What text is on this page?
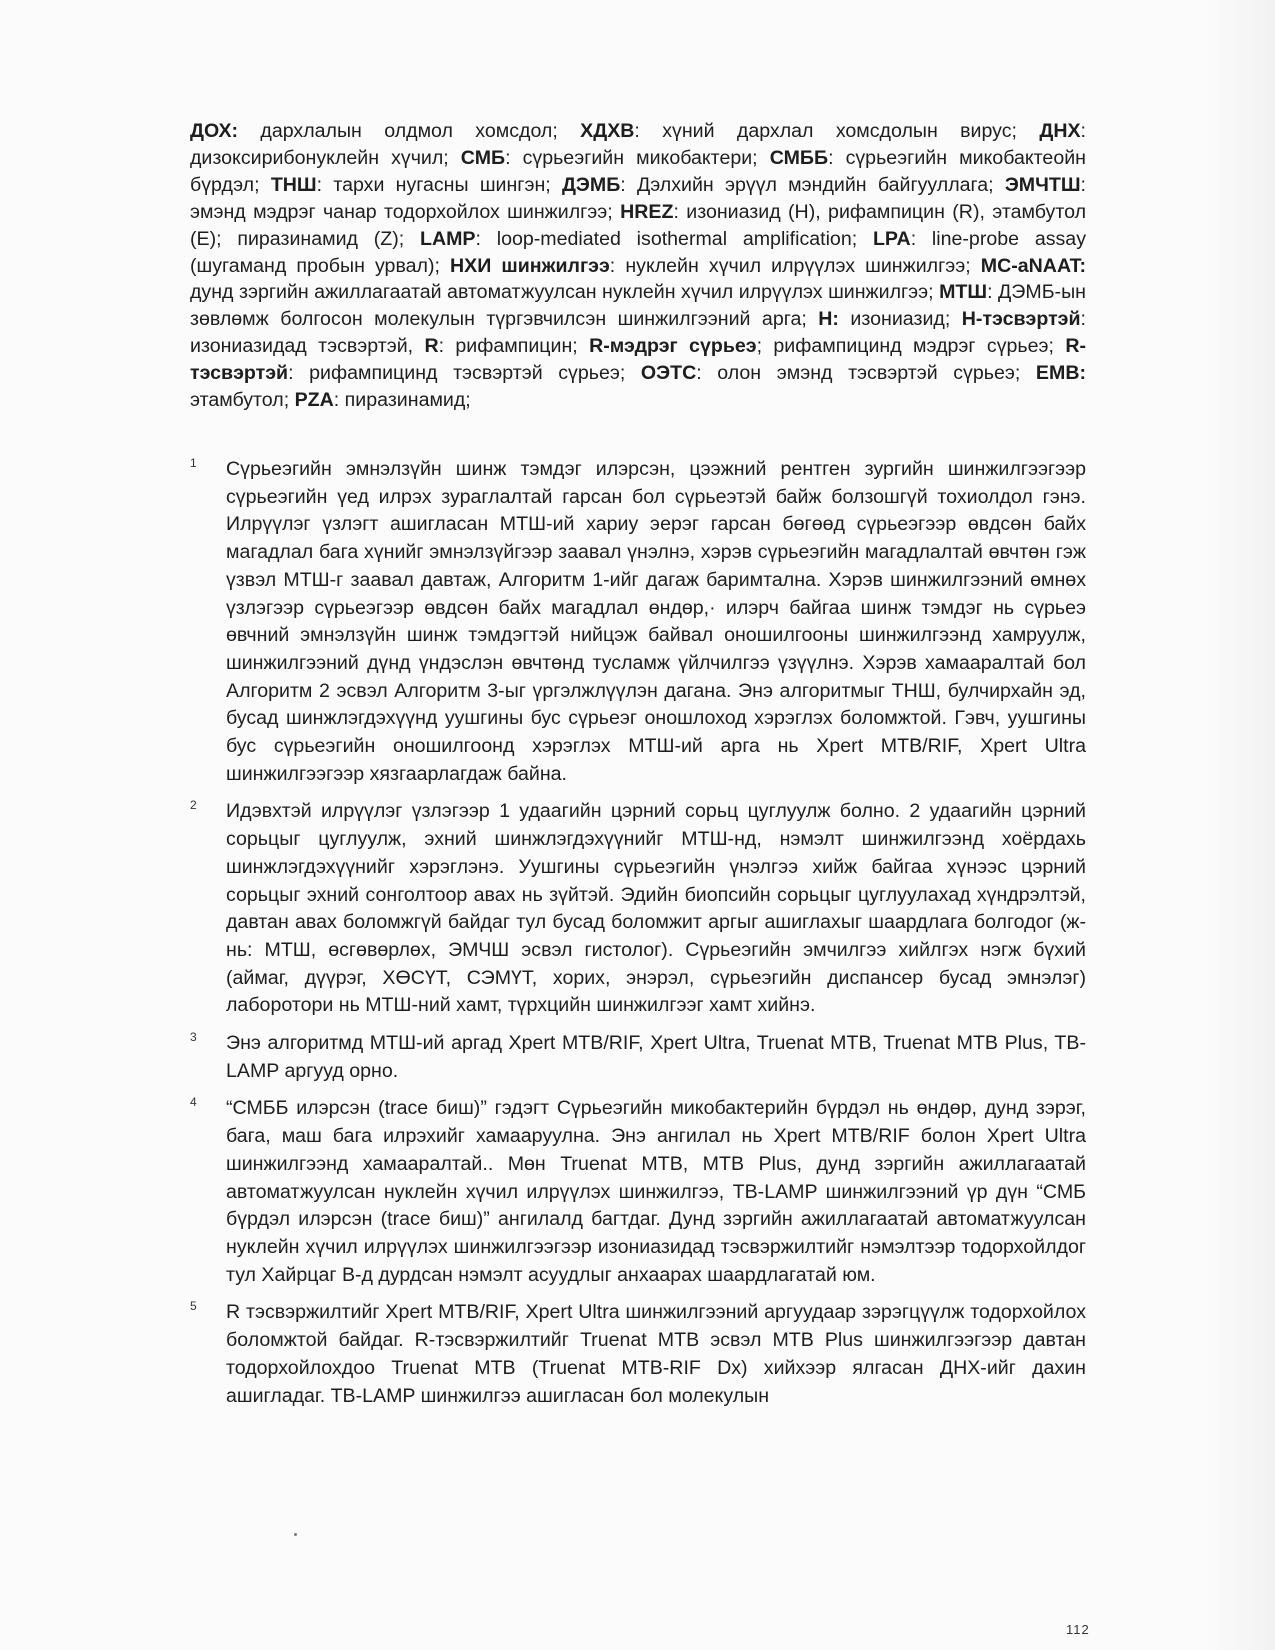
ДОХ: дархлалын олдмол хомсдол; ХДХВ: хүний дархлал хомсдолын вирус; ДНХ: дизоксирибонуклейн хүчил; СМБ: сүрьеэгийн микобактери; СМББ: сүрьеэгийн микобактеойн бүрдэл; ТНШ: тархи нугасны шингэн; ДЭМБ: Дэлхийн эрүүл мэндийн байгууллага; ЭМЧТШ: эмэнд мэдрэг чанар тодорхойлох шинжилгээ; HREZ: изониазид (H), рифампицин (R), этамбутол (E); пиразинамид (Z); LAMP: loop-mediated isothermal amplification; LPA: line-probe assay (шугаманд пробын урвал); НХИ шинжилгээ: нуклейн хүчил илрүүлэх шинжилгээ; MC-aNAAT: дунд зэргийн ажиллагаатай автоматжуулсан нуклейн хүчил илрүүлэх шинжилгээ; МТШ: ДЭМБ-ын зөвлөмж болгосон молекулын түргэвчилсэн шинжилгээний арга; H: изониазид; H-тэсвэртэй: изониазидад тэсвэртэй, R: рифампицин; R-мэдрэг сүрьеэ; рифампицинд мэдрэг сүрьеэ; R-тэсвэртэй: рифампицинд тэсвэртэй сүрьеэ; ОЭТС: олон эмэнд тэсвэртэй сүрьеэ; EMB: этамбутол; PZA: пиразинамид;

1 Сүрьеэгийн эмнэлзүйн шинж тэмдэг илэрсэн, цээжний рентген зургийн шинжилгээгээр сүрьеэгийн үед илрэх зураглалтай гарсан бол сүрьеэтэй байж болзошгүй тохиолдол гэнэ. Илрүүлэг үзлэгт ашигласан МТШ-ий хариу эерэг гарсан бөгөөд сүрьеэгээр өвдсөн байх магадлал бага хүнийг эмнэлзүйгээр заавал үнэлнэ, хэрэв сүрьеэгийн магадлалтай өвчтөн гэж үзвэл МТШ-г заавал давтаж, Алгоритм 1-ийг дагаж баримтална. Хэрэв шинжилгээний өмнөх үзлэгээр сүрьеэгээр өвдсөн байх магадлал өндөр,· илэрч байгаа шинж тэмдэг нь сүрьеэ өвчний эмнэлзүйн шинж тэмдэгтэй нийцэж байвал оношилгооны шинжилгээнд хамруулж, шинжилгээний дүнд үндэслэн өвчтөнд тусламж үйлчилгээ үзүүлнэ. Хэрэв хамааралтай бол Алгоритм 2 эсвэл Алгоритм 3-ыг үргэлжлүүлэн дагана. Энэ алгоритмыг ТНШ, булчирхайн эд, бусад шинжлэгдэхүүнд уушгины бус сүрьеэг оношлоход хэрэглэх боломжтой. Гэвч, уушгины бус сүрьеэгийн оношилгоонд хэрэглэх МТШ-ий арга нь Xpert MTB/RIF, Xpert Ultra шинжилгээгээр хязгаарлагдаж байна.
2 Идэвхтэй илрүүлэг үзлэгээр 1 удаагийн цэрний сорьц цуглуулж болно. 2 удаагийн цэрний сорьцыг цуглуулж, эхний шинжлэгдэхүүнийг МТШ-нд, нэмэлт шинжилгээнд хоёрдахь шинжлэгдэхүүнийг хэрэглэнэ. Уушгины сүрьеэгийн үнэлгээ хийж байгаа хүнээс цэрний сорьцыг эхний сонголтоор авах нь зүйтэй. Эдийн биопсийн сорьцыг цуглуулахад хүндрэлтэй, давтан авах боломжгүй байдаг тул бусад боломжит аргыг ашиглахыг шаардлага болгодог (ж-нь: МТШ, өсгөвөрлөх, ЭМЧШ эсвэл гистолог). Сүрьеэгийн эмчилгээ хийлгэх нэгж бүхий (аймаг, дүүрэг, ХӨСҮТ, СЭМҮТ, хорих, энэрэл, сүрьеэгийн диспансер бусад эмнэлэг) лаборотори нь МТШ-ний хамт, түрхцийн шинжилгээг хамт хийнэ.
3 Энэ алгоритмд МТШ-ий аргад Xpert MTB/RIF, Xpert Ultra, Truenat MTB, Truenat MTB Plus, TB-LAMP аргууд орно.
4 “СМББ илэрсэн (trace биш)” гэдэгт Сүрьеэгийн микобактерийн бүрдэл нь өндөр, дунд зэрэг, бага, маш бага илрэхийг хамааруулна. Энэ ангилал нь Xpert MTB/RIF болон Xpert Ultra шинжилгээнд хамааралтай.. Мөн Truenat MTB, MTB Plus, дунд зэргийн ажиллагаатай автоматжуулсан нуклейн хүчил илрүүлэх шинжилгээ, TB-LAMP шинжилгээний үр дүн “СМБ бүрдэл илэрсэн (trace биш)” ангилалд багтдаг. Дунд зэргийн ажиллагаатай автоматжуулсан нуклейн хүчил илрүүлэх шинжилгээгээр изониазидад тэсвэржилтийг нэмэлтээр тодорхойлдог тул Хайрцаг В-д дурдсан нэмэлт асуудлыг анхаарах шаардлагатай юм.
5 R тэсвэржилтийг Xpert MTB/RIF, Xpert Ultra шинжилгээний аргуудаар зэрэгцүүлж тодорхойлох боломжтой байдаг. R-тэсвэржилтийг Truenat MTB эсвэл MTB Plus шинжилгээгээр давтан тодорхойлохдоо Truenat MTB (Truenat MTB-RIF Dx) хийхээр ялгасан ДНХ-ийг дахин ашигладаг. TB-LAMP шинжилгээ ашигласан бол молекулын
112
